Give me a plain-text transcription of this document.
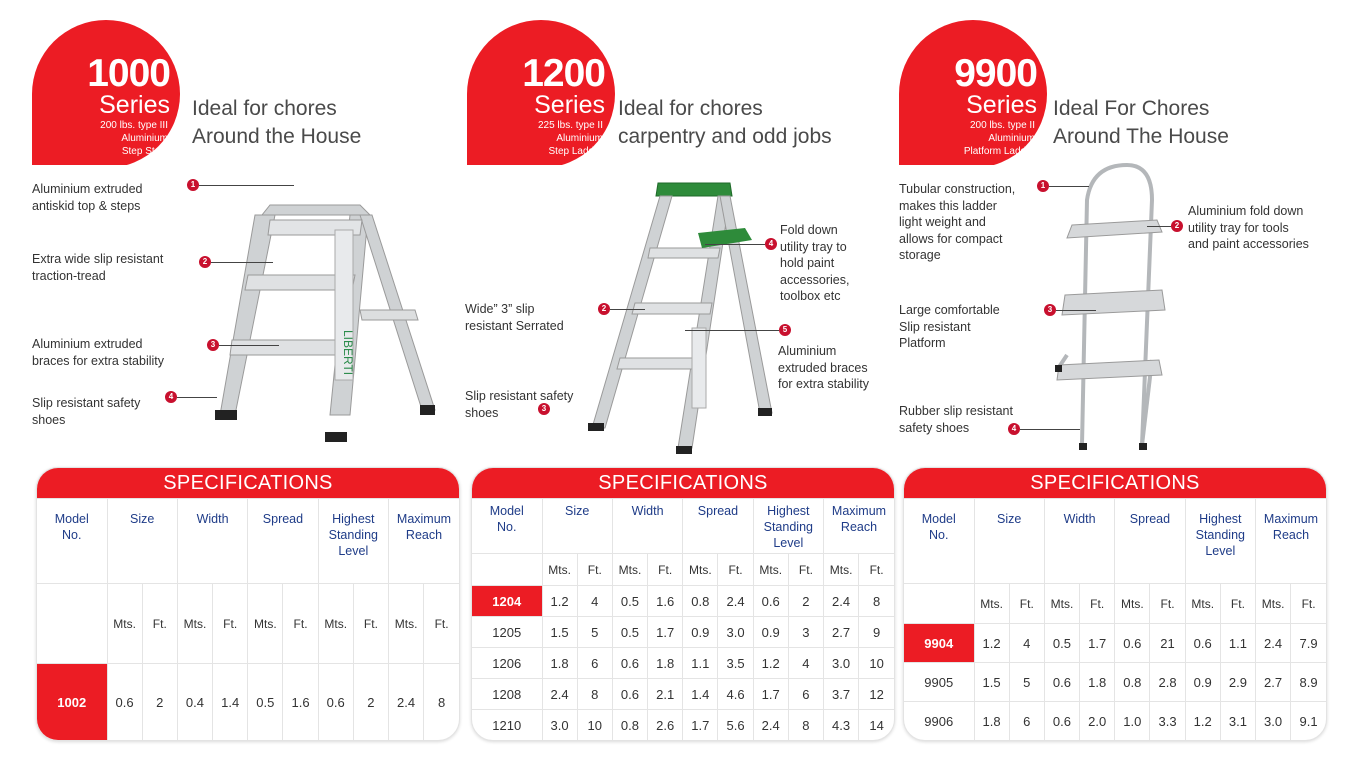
1000
Series
200 lbs. type III
Aluminium
Step Stool
Ideal for chores
Around the House
LIBERTI
Aluminium extruded
antiskid top & steps
1
Extra wide slip resistant
traction-tread
2
Aluminium extruded
braces for extra stability
3
Slip resistant safety
shoes
4
SPECIFICATIONS
Model
No.	Size		Width		Spread		Highest
Standing
Level		Maximum
Reach	
	Mts.	Ft.	Mts.	Ft.	Mts.	Ft.	Mts.	Ft.	Mts.	Ft.
1002	0.6	2	0.4	1.4	0.5	1.6	0.6	2	2.4	8
1200
Series
225 lbs. type II
Aluminium
Step Ladder
Ideal for chores
carpentry and odd jobs
Fold down
utility tray to
hold paint
accessories,
toolbox etc
4
Wide” 3” slip
resistant Serrated
2
Aluminium
extruded braces
for extra stability
5
Slip resistant safety
shoes	3
SPECIFICATIONS
Model
No.	Size		Width		Spread		Highest
Standing
Level		Maximum
Reach	
	Mts.	Ft.	Mts.	Ft.	Mts.	Ft.	Mts.	Ft.	Mts.	Ft.
1204	1.2	4	0.5	1.6	0.8	2.4	0.6	2	2.4	8
1205	1.5	5	0.5	1.7	0.9	3.0	0.9	3	2.7	9
1206	1.8	6	0.6	1.8	1.1	3.5	1.2	4	3.0	10
1208	2.4	8	0.6	2.1	1.4	4.6	1.7	6	3.7	12
1210	3.0	10	0.8	2.6	1.7	5.6	2.4	8	4.3	14
9900
Series
200 lbs. type II
Aluminium
Platform Ladder
Ideal For Chores
Around The House
Tubular construction,
makes this ladder
light weight and
allows for compact
storage
1
Aluminium fold down
utility tray for tools
and paint accessories
2
Large comfortable
Slip resistant
Platform
3
Rubber slip resistant
safety shoes	4
SPECIFICATIONS
Model
No.	Size		Width		Spread		Highest
Standing
Level		Maximum
Reach	
	Mts.	Ft.	Mts.	Ft.	Mts.	Ft.	Mts.	Ft.	Mts.	Ft.
9904	1.2	4	0.5	1.7	0.6	21	0.6	1.1	2.4	7.9
9905	1.5	5	0.6	1.8	0.8	2.8	0.9	2.9	2.7	8.9
9906	1.8	6	0.6	2.0	1.0	3.3	1.2	3.1	3.0	9.1
